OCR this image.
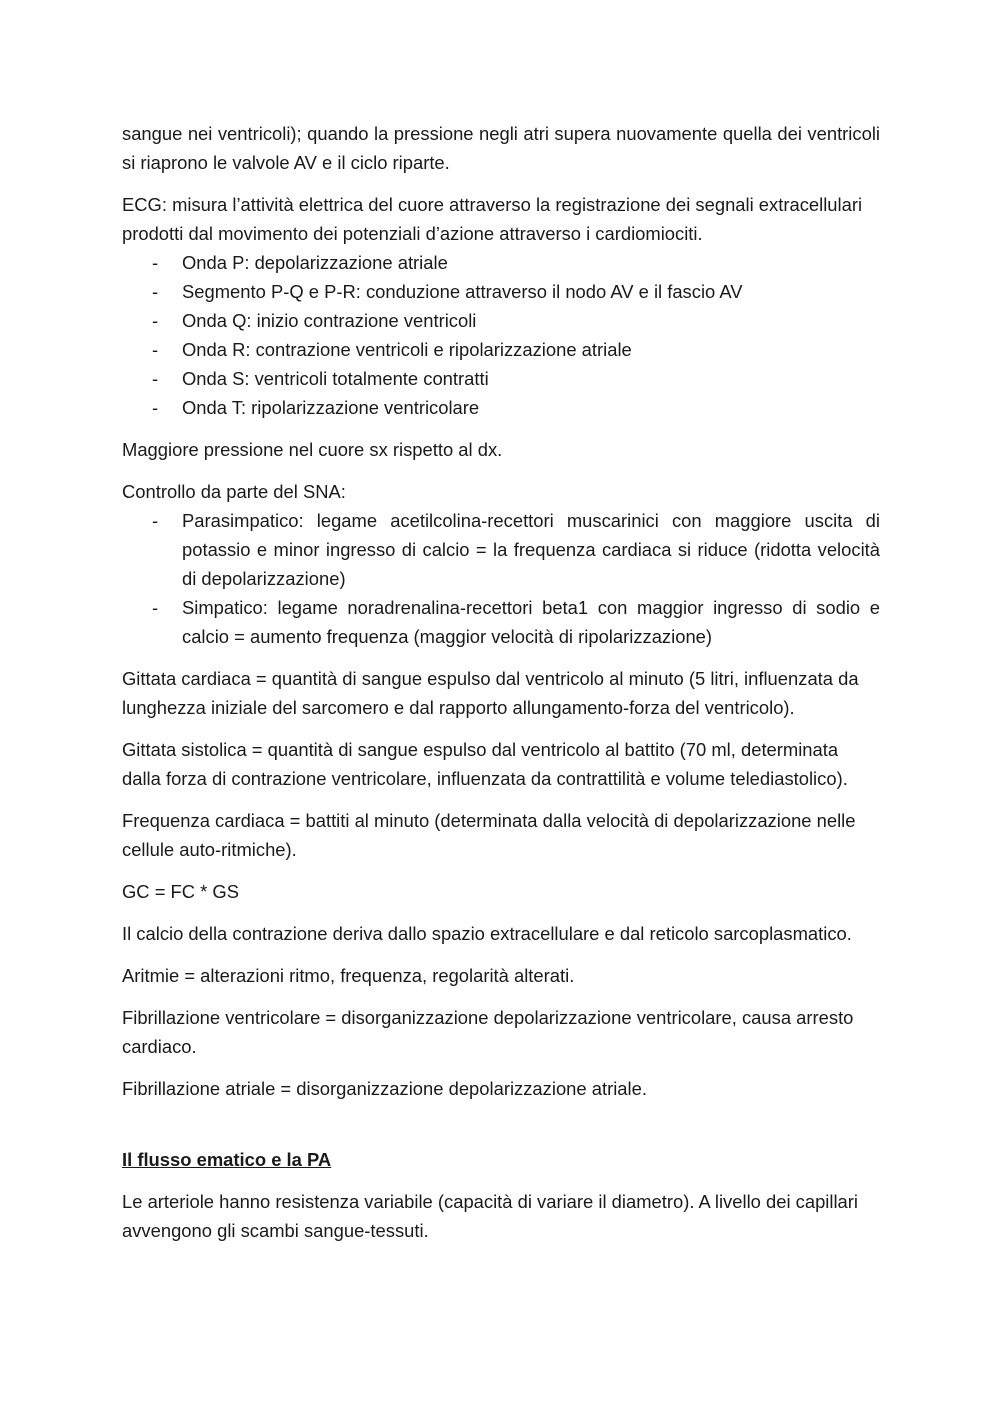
sangue nei ventricoli); quando la pressione negli atri supera nuovamente quella dei ventricoli si riaprono le valvole AV e il ciclo riparte.

ECG: misura l’attività elettrica del cuore attraverso la registrazione dei segnali extracellulari prodotti dal movimento dei potenziali d’azione attraverso i cardiomiociti.

- Onda P: depolarizzazione atriale
- Segmento P-Q e P-R: conduzione attraverso il nodo AV e il fascio AV
- Onda Q: inizio contrazione ventricoli
- Onda R: contrazione ventricoli e ripolarizzazione atriale
- Onda S: ventricoli totalmente contratti
- Onda T: ripolarizzazione ventricolare

Maggiore pressione nel cuore sx rispetto al dx.

Controllo da parte del SNA:

- Parasimpatico: legame acetilcolina-recettori muscarinici con maggiore uscita di potassio e minor ingresso di calcio = la frequenza cardiaca si riduce (ridotta velocità di depolarizzazione)
- Simpatico: legame noradrenalina-recettori beta1 con maggior ingresso di sodio e calcio = aumento frequenza (maggior velocità di ripolarizzazione)

Gittata cardiaca = quantità di sangue espulso dal ventricolo al minuto (5 litri, influenzata da lunghezza iniziale del sarcomero e dal rapporto allungamento-forza del ventricolo).

Gittata sistolica = quantità di sangue espulso dal ventricolo al battito (70 ml, determinata dalla forza di contrazione ventricolare, influenzata da contrattilità e volume telediastolico).

Frequenza cardiaca = battiti al minuto (determinata dalla velocità di depolarizzazione nelle cellule auto-ritmiche).

GC = FC * GS

Il calcio della contrazione deriva dallo spazio extracellulare e dal reticolo sarcoplasmatico.

Aritmie = alterazioni ritmo, frequenza, regolarità alterati.

Fibrillazione ventricolare = disorganizzazione depolarizzazione ventricolare, causa arresto cardiaco.

Fibrillazione atriale = disorganizzazione depolarizzazione atriale.

Il flusso ematico e la PA

Le arteriole hanno resistenza variabile (capacità di variare il diametro). A livello dei capillari avvengono gli scambi sangue-tessuti.
